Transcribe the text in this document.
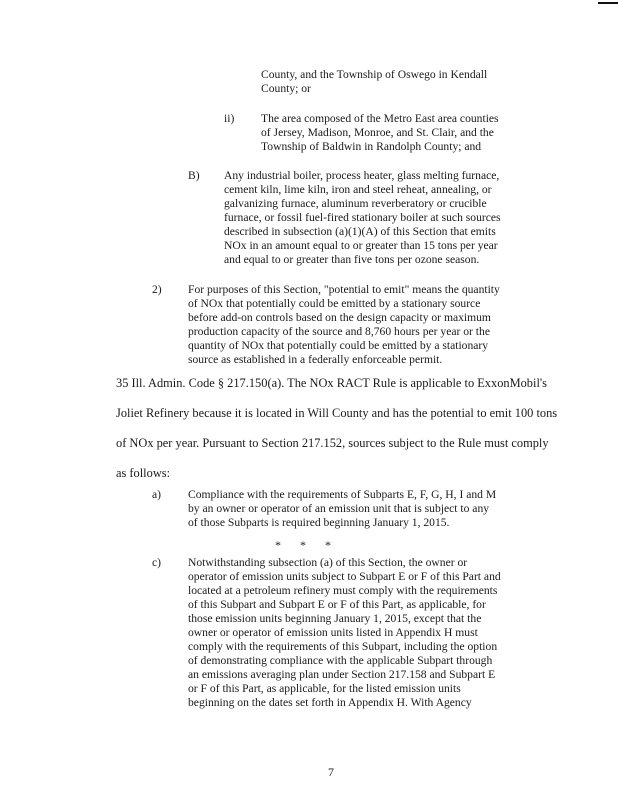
County, and the Township of Oswego in Kendall
County; or
ii) The area composed of the Metro East area counties
of Jersey, Madison, Monroe, and St. Clair, and the
Township of Baldwin in Randolph County; and
B) Any industrial boiler, process heater, glass melting furnace,
cement kiln, lime kiln, iron and steel reheat, annealing, or
galvanizing furnace, aluminum reverberatory or crucible
furnace, or fossil fuel-fired stationary boiler at such sources
described in subsection (a)(1)(A) of this Section that emits
NOx in an amount equal to or greater than 15 tons per year
and equal to or greater than five tons per ozone season.
2) For purposes of this Section, "potential to emit" means the quantity
of NOx that potentially could be emitted by a stationary source
before add-on controls based on the design capacity or maximum
production capacity of the source and 8,760 hours per year or the
quantity of NOx that potentially could be emitted by a stationary
source as established in a federally enforceable permit.
35 Ill. Admin. Code § 217.150(a). The NOx RACT Rule is applicable to ExxonMobil's
Joliet Refinery because it is located in Will County and has the potential to emit 100 tons
of NOx per year. Pursuant to Section 217.152, sources subject to the Rule must comply
as follows:
a) Compliance with the requirements of Subparts E, F, G, H, I and M
by an owner or operator of an emission unit that is subject to any
of those Subparts is required beginning January 1, 2015.
* * *
c) Notwithstanding subsection (a) of this Section, the owner or
operator of emission units subject to Subpart E or F of this Part and
located at a petroleum refinery must comply with the requirements
of this Subpart and Subpart E or F of this Part, as applicable, for
those emission units beginning January 1, 2015, except that the
owner or operator of emission units listed in Appendix H must
comply with the requirements of this Subpart, including the option
of demonstrating compliance with the applicable Subpart through
an emissions averaging plan under Section 217.158 and Subpart E
or F of this Part, as applicable, for the listed emission units
beginning on the dates set forth in Appendix H. With Agency
7
